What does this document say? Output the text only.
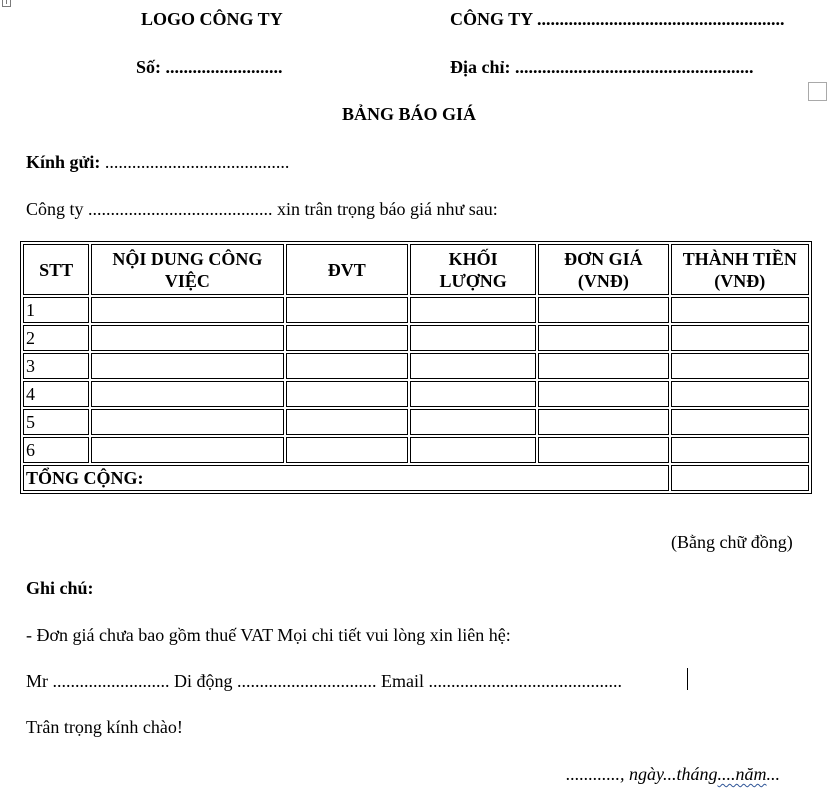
LOGO CÔNG TY	CÔNG TY .......................................................
Số: ..........................	Địa chỉ: .....................................................
BẢNG BÁO GIÁ
Kính gửi: .........................................
Công ty ......................................... xin trân trọng báo giá như sau:
STT	NỘI DUNG CÔNG VIỆC	ĐVT	KHỐI LƯỢNG	ĐƠN GIÁ (VNĐ)	THÀNH TIỀN (VNĐ)
1					
2					
3					
4					
5					
6					
TỔNG CỘNG:					
(Bằng chữ đồng)
Ghi chú:
- Đơn giá chưa bao gồm thuế VAT Mọi chi tiết vui lòng xin liên hệ:
Mr .......................... Di động ............................... Email ...........................................
Trân trọng kính chào!
............, ngày...tháng....năm...
